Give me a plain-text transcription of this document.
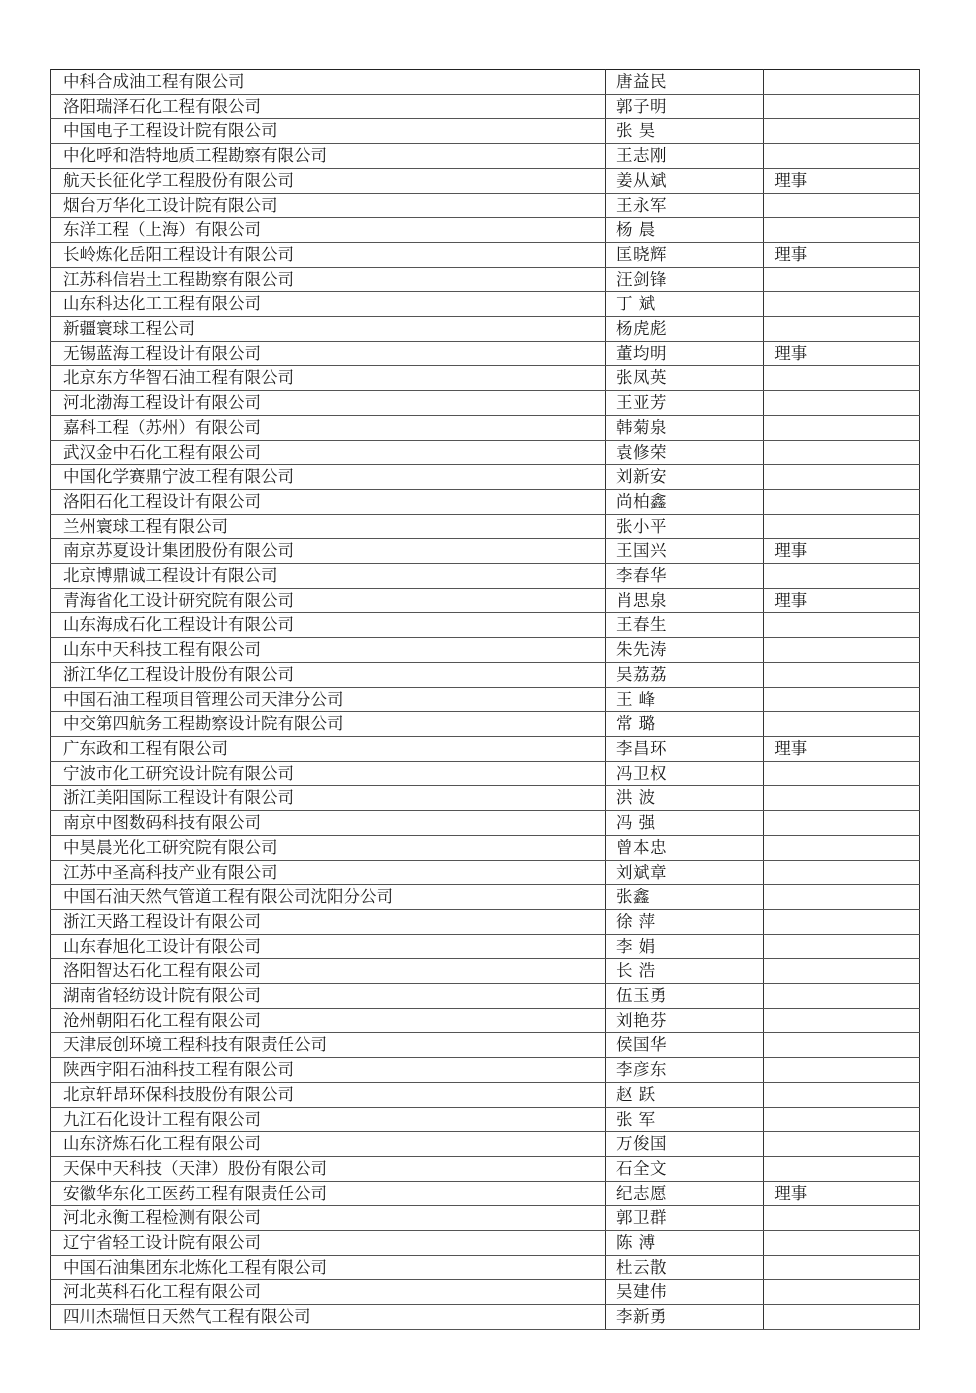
中科合成油工程有限公司	唐益民	
洛阳瑞泽石化工程有限公司	郭子明	
中国电子工程设计院有限公司	张 昊	
中化呼和浩特地质工程勘察有限公司	王志刚	
航天长征化学工程股份有限公司	姜从斌	理事
烟台万华化工设计院有限公司	王永军	
东洋工程（上海）有限公司	杨 晨	
长岭炼化岳阳工程设计有限公司	匡晓辉	理事
江苏科信岩土工程勘察有限公司	汪剑锋	
山东科达化工工程有限公司	丁 斌	
新疆寰球工程公司	杨虎彪	
无锡蓝海工程设计有限公司	董均明	理事
北京东方华智石油工程有限公司	张凤英	
河北渤海工程设计有限公司	王亚芳	
嘉科工程（苏州）有限公司	韩菊泉	
武汉金中石化工程有限公司	袁修荣	
中国化学赛鼎宁波工程有限公司	刘新安	
洛阳石化工程设计有限公司	尚柏鑫	
兰州寰球工程有限公司	张小平	
南京苏夏设计集团股份有限公司	王国兴	理事
北京博鼎诚工程设计有限公司	李春华	
青海省化工设计研究院有限公司	肖思泉	理事
山东海成石化工程设计有限公司	王春生	
山东中天科技工程有限公司	朱先涛	
浙江华亿工程设计股份有限公司	吴荔荔	
中国石油工程项目管理公司天津分公司	王 峰	
中交第四航务工程勘察设计院有限公司	常 璐	
广东政和工程有限公司	李昌环	理事
宁波市化工研究设计院有限公司	冯卫权	
浙江美阳国际工程设计有限公司	洪 波	
南京中图数码科技有限公司	冯 强	
中昊晨光化工研究院有限公司	曾本忠	
江苏中圣高科技产业有限公司	刘斌章	
中国石油天然气管道工程有限公司沈阳分公司	张鑫	
浙江天路工程设计有限公司	徐 萍	
山东春旭化工设计有限公司	李 娟	
洛阳智达石化工程有限公司	长 浩	
湖南省轻纺设计院有限公司	伍玉勇	
沧州朝阳石化工程有限公司	刘艳芬	
天津辰创环境工程科技有限责任公司	侯国华	
陕西宇阳石油科技工程有限公司	李彦东	
北京轩昂环保科技股份有限公司	赵 跃	
九江石化设计工程有限公司	张 军	
山东济炼石化工程有限公司	万俊国	
天保中天科技（天津）股份有限公司	石全文	
安徽华东化工医药工程有限责任公司	纪志愿	理事
河北永衡工程检测有限公司	郭卫群	
辽宁省轻工设计院有限公司	陈 溥	
中国石油集团东北炼化工程有限公司	杜云散	
河北英科石化工程有限公司	吴建伟	
四川杰瑞恒日天然气工程有限公司	李新勇	
